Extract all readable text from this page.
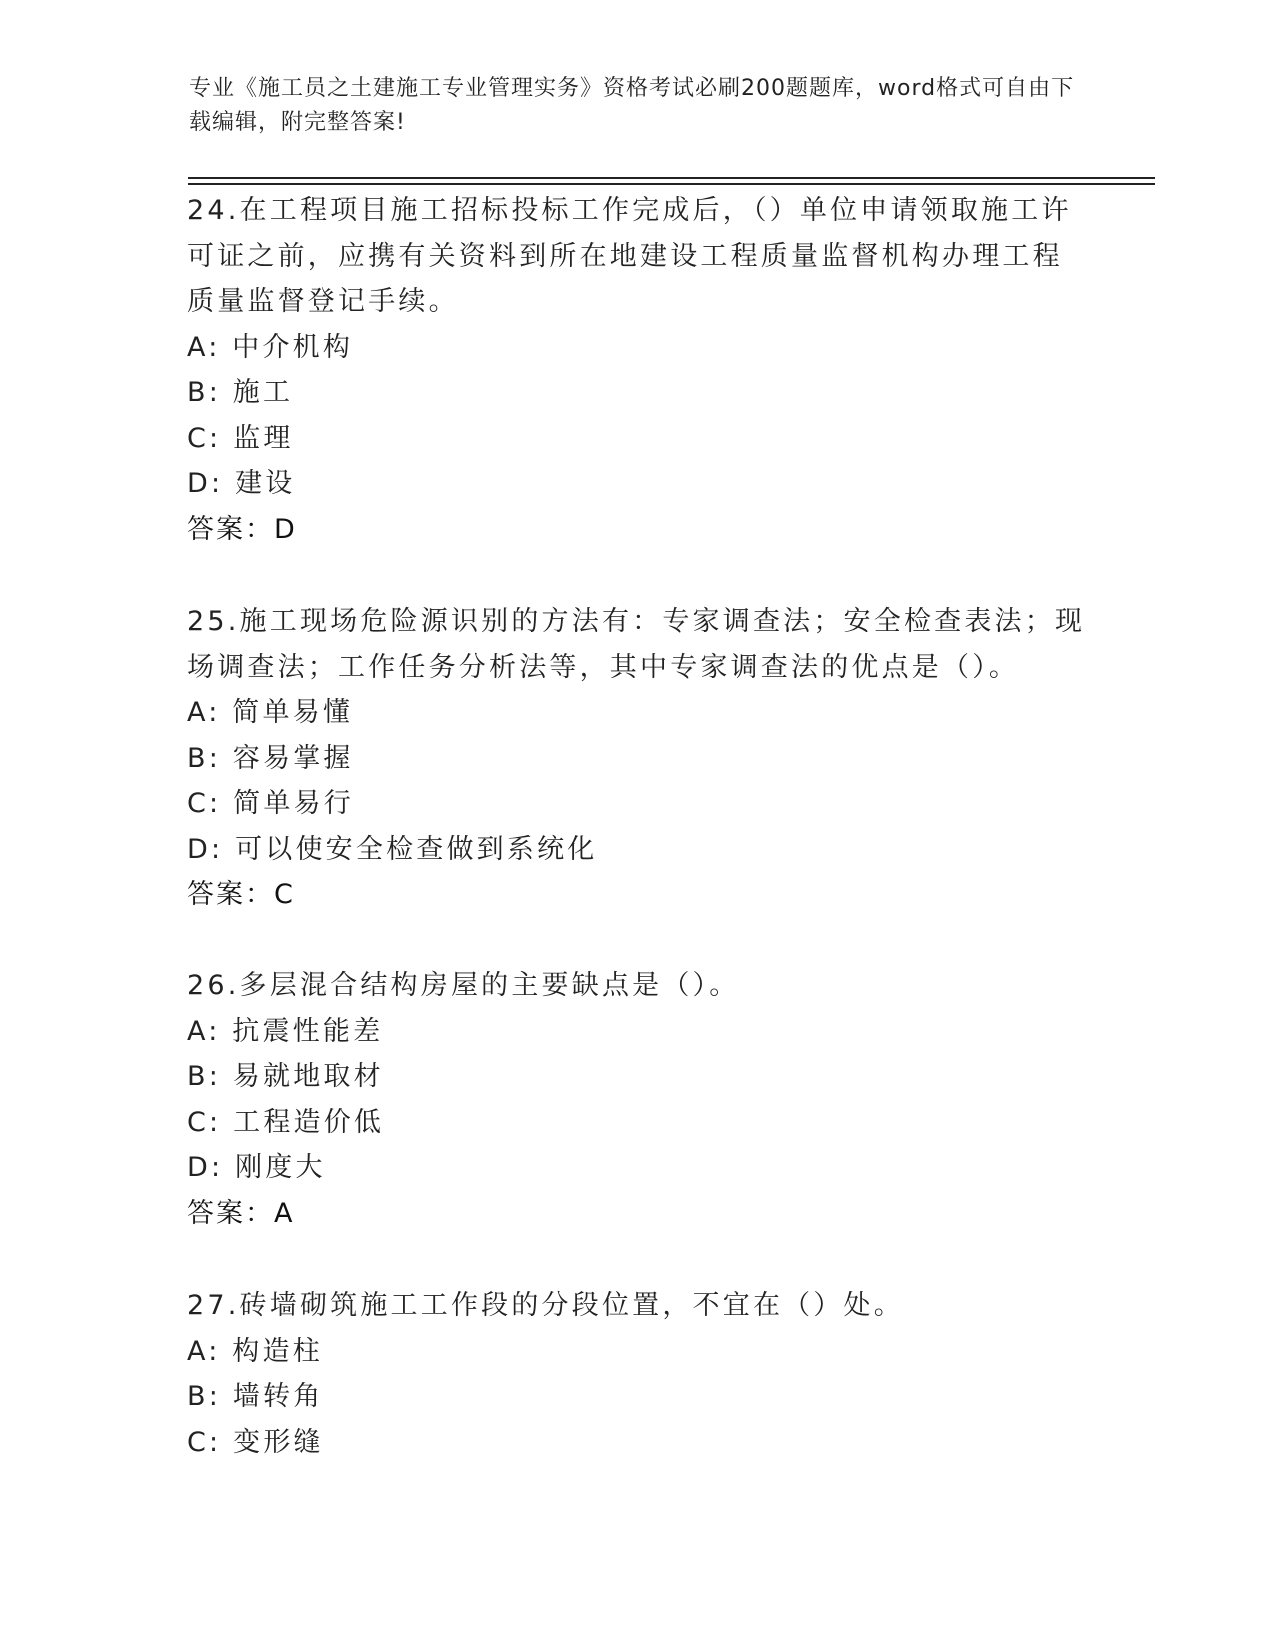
专业《施工员之土建施工专业管理实务》资格考试必刷200题题库，word格式可自由下载编辑，附完整答案!

24.在工程项目施工招标投标工作完成后，（）单位申请领取施工许可证之前，应携有关资料到所在地建设工程质量监督机构办理工程质量监督登记手续。

A: 中介机构

B: 施工

C: 监理

D: 建设

答案：D

25.施工现场危险源识别的方法有：专家调查法；安全检查表法；现场调查法；工作任务分析法等，其中专家调查法的优点是（）。

A: 简单易懂

B: 容易掌握

C: 简单易行

D: 可以使安全检查做到系统化

答案：C

26.多层混合结构房屋的主要缺点是（）。

A: 抗震性能差

B: 易就地取材

C: 工程造价低

D: 刚度大

答案：A

27.砖墙砌筑施工工作段的分段位置，不宜在（）处。

A: 构造柱

B: 墙转角

C: 变形缝
